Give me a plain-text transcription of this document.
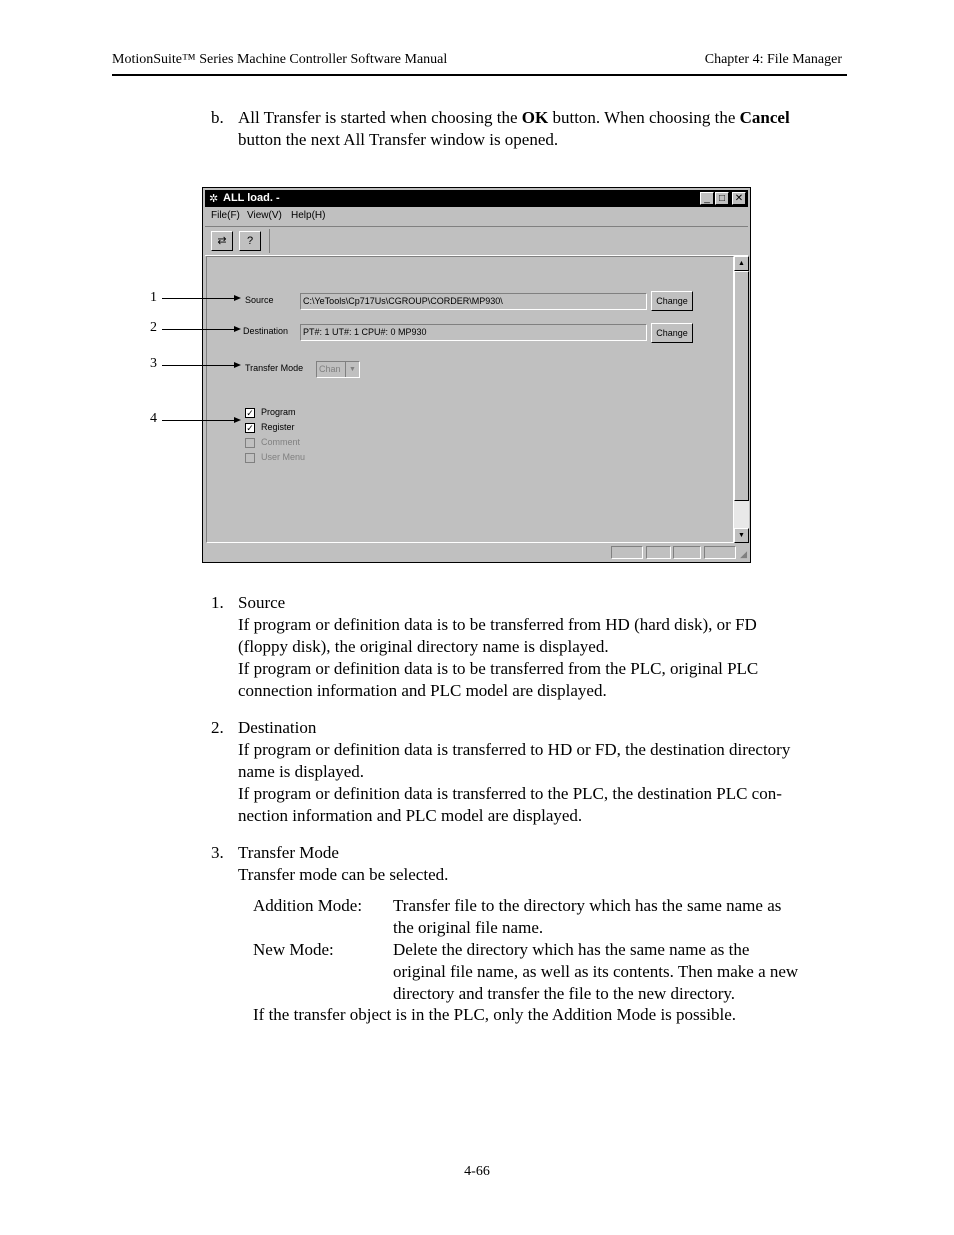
MotionSuite™ Series Machine Controller Software Manual	Chapter 4: File Manager
b. All Transfer is started when choosing the OK button. When choosing the Cancel
button the next All Transfer window is opened.
✲ ALL load. -	_ □ ✕
File(F) View(V) Help(H)
⇄	?
Source	C:\YeTools\Cp717Us\CGROUP\CORDER\MP930\	Change
Destination	PT#: 1 UT#: 1 CPU#: 0 MP930	Change
Transfer Mode	Chan	▼
✓ Program
✓ Register
Comment
User Menu
▲
▼
◢
1
2
3
4
1. Source
If program or definition data is to be transferred from HD (hard disk), or FD
(floppy disk), the original directory name is displayed.
If program or definition data is to be transferred from the PLC, original PLC
connection information and PLC model are displayed.
2. Destination
If program or definition data is transferred to HD or FD, the destination directory
name is displayed.
If program or definition data is transferred to the PLC, the destination PLC con-
nection information and PLC model are displayed.
3. Transfer Mode
Transfer mode can be selected.
Addition Mode: Transfer file to the directory which has the same name as
the original file name.
New Mode:	Delete the directory which has the same name as the
original file name, as well as its contents. Then make a new
directory and transfer the file to the new directory.
If the transfer object is in the PLC, only the Addition Mode is possible.
4-66
